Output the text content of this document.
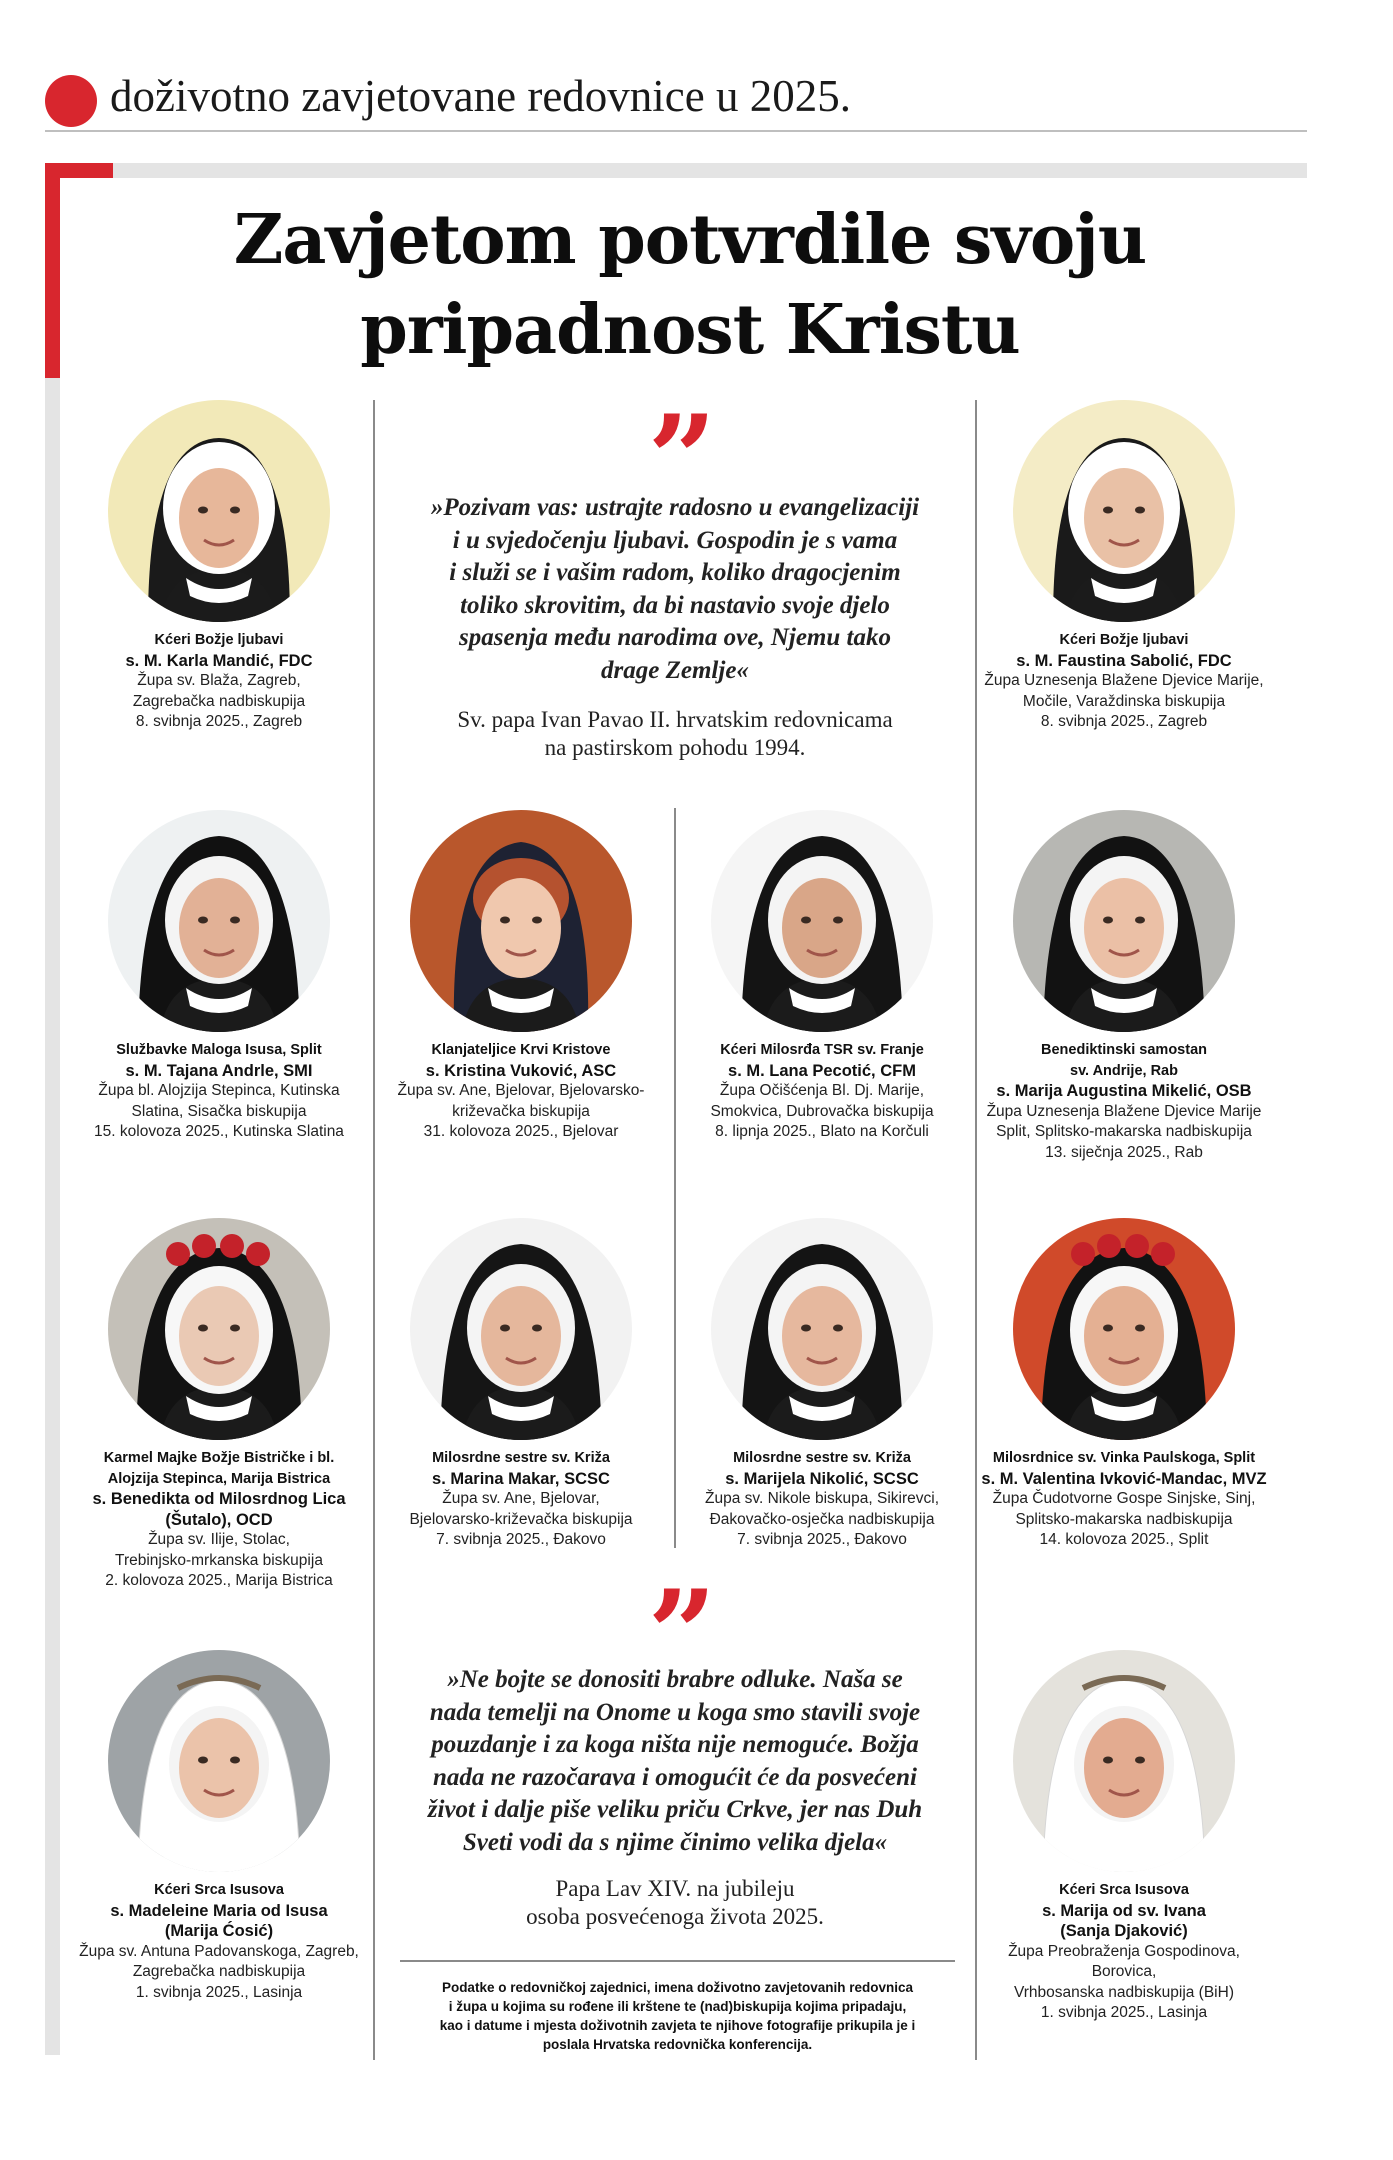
doživotno zavjetovane redovnice u 2025.
Zavjetom potvrdile svoju
pripadnost Kristu
”
»Pozivam vas: ustrajte radosno u evangelizaciji
i u svjedočenju ljubavi. Gospodin je s vama
i služi se i vašim radom, koliko dragocjenim
toliko skrovitim, da bi nastavio svoje djelo
spasenja među narodima ove, Njemu tako
drage Zemlje«
Sv. papa Ivan Pavao II. hrvatskim redovnicama
na pastirskom pohodu 1994.
”
»Ne bojte se donositi brabre odluke. Naša se
nada temelji na Onome u koga smo stavili svoje
pouzdanje i za koga ništa nije nemoguće. Božja
nada ne razočarava i omogućit će da posvećeni
život i dalje piše veliku priču Crkve, jer nas Duh
Sveti vodi da s njime činimo velika djela«
Papa Lav XIV. na jubileju
osoba posvećenoga života 2025.
Kćeri Božje ljubavi
s. M. Karla Mandić, FDC
Župa sv. Blaža, Zagreb,
Zagrebačka nadbiskupija
8. svibnja 2025., Zagreb
Kćeri Božje ljubavi
s. M. Faustina Sabolić, FDC
Župa Uznesenja Blažene Djevice Marije,
Močile, Varaždinska biskupija
8. svibnja 2025., Zagreb
Službavke Maloga Isusa, Split
s. M. Tajana Andrle, SMI
Župa bl. Alojzija Stepinca, Kutinska
Slatina, Sisačka biskupija
15. kolovoza 2025., Kutinska Slatina
Klanjateljice Krvi Kristove
s. Kristina Vuković, ASC
Župa sv. Ane, Bjelovar, Bjelovarsko-
križevačka biskupija
31. kolovoza 2025., Bjelovar
Kćeri Milosrđa TSR sv. Franje
s. M. Lana Pecotić, CFM
Župa Očišćenja Bl. Dj. Marije,
Smokvica, Dubrovačka biskupija
8. lipnja 2025., Blato na Korčuli
Benediktinski samostan
sv. Andrije, Rab
s. Marija Augustina Mikelić, OSB
Župa Uznesenja Blažene Djevice Marije
Split, Splitsko-makarska nadbiskupija
13. siječnja 2025., Rab
Karmel Majke Božje Bistričke i bl.
Alojzija Stepinca, Marija Bistrica
s. Benedikta od Milosrdnog Lica
(Šutalo), OCD
Župa sv. Ilije, Stolac,
Trebinjsko-mrkanska biskupija
2. kolovoza 2025., Marija Bistrica
Milosrdne sestre sv. Križa
s. Marina Makar, SCSC
Župa sv. Ane, Bjelovar,
Bjelovarsko-križevačka biskupija
7. svibnja 2025., Đakovo
Milosrdne sestre sv. Križa
s. Marijela Nikolić, SCSC
Župa sv. Nikole biskupa, Sikirevci,
Đakovačko-osječka nadbiskupija
7. svibnja 2025., Đakovo
Milosrdnice sv. Vinka Paulskoga, Split
s. M. Valentina Ivković-Mandac, MVZ
Župa Čudotvorne Gospe Sinjske, Sinj,
Splitsko-makarska nadbiskupija
14. kolovoza 2025., Split
Kćeri Srca Isusova
s. Madeleine Maria od Isusa
(Marija Ćosić)
Župa sv. Antuna Padovanskoga, Zagreb,
Zagrebačka nadbiskupija
1. svibnja 2025., Lasinja
Kćeri Srca Isusova
s. Marija od sv. Ivana
(Sanja Djaković)
Župa Preobraženja Gospodinova,
Borovica,
Vrhbosanska nadbiskupija (BiH)
1. svibnja 2025., Lasinja
Podatke o redovničkoj zajednici, imena doživotno zavjetovanih redovnica
i župa u kojima su rođene ili krštene te (nad)biskupija kojima pripadaju,
kao i datume i mjesta doživotnih zavjeta te njihove fotografije prikupila je i
poslala Hrvatska redovnička konferencija.
